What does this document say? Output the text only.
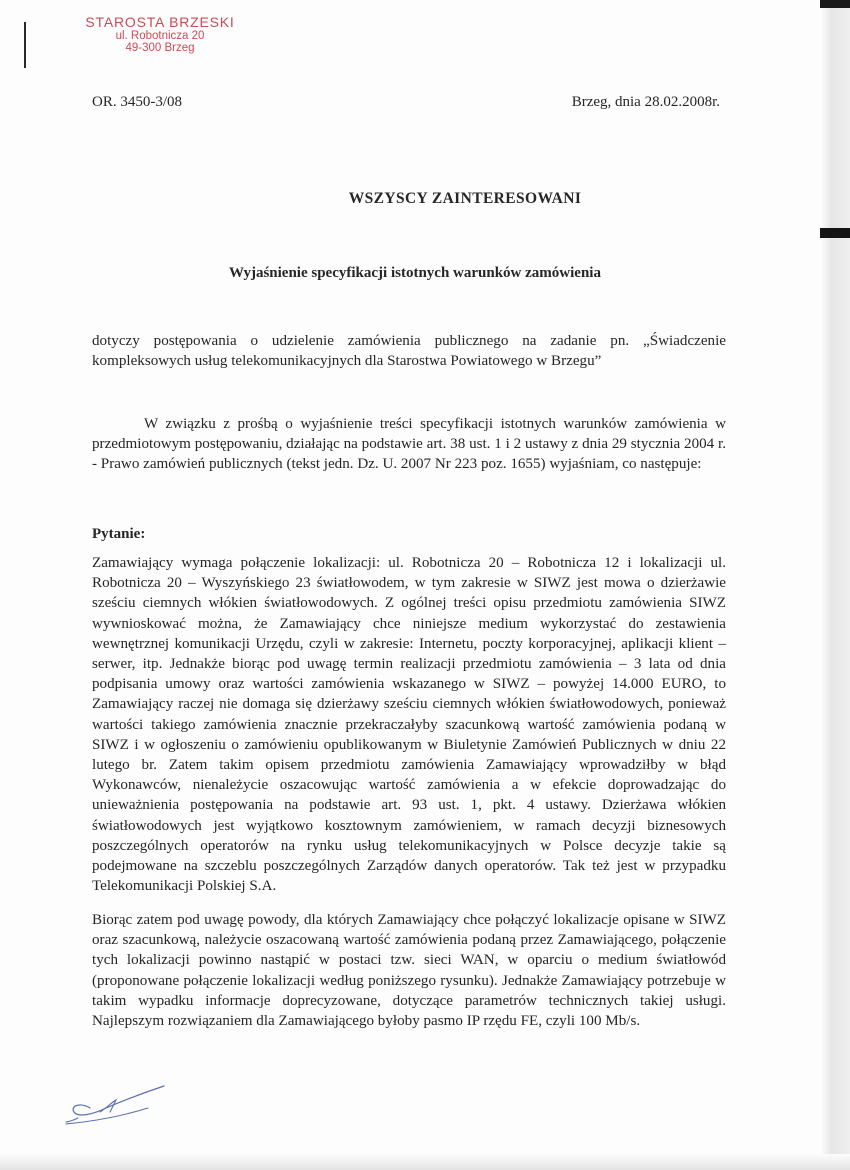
STAROSTA BRZESKI
ul. Robotnicza 20
49-300 Brzeg
OR. 3450-3/08	Brzeg, dnia 28.02.2008r.
WSZYSCY ZAINTERESOWANI
Wyjaśnienie specyfikacji istotnych warunków zamówienia
dotyczy postępowania o udzielenie zamówienia publicznego na zadanie pn. „Świadczenie kompleksowych usług telekomunikacyjnych dla Starostwa Powiatowego w Brzegu”
W związku z prośbą o wyjaśnienie treści specyfikacji istotnych warunków zamówienia w przedmiotowym postępowaniu, działając na podstawie art. 38 ust. 1 i 2 ustawy z dnia 29 stycznia 2004 r. - Prawo zamówień publicznych (tekst jedn. Dz. U. 2007 Nr 223 poz. 1655) wyjaśniam, co następuje:
Pytanie:
Zamawiający wymaga połączenie lokalizacji: ul. Robotnicza 20 – Robotnicza 12 i lokalizacji ul. Robotnicza 20 – Wyszyńskiego 23 światłowodem, w tym zakresie w SIWZ jest mowa o dzierżawie sześciu ciemnych włókien światłowodowych. Z ogólnej treści opisu przedmiotu zamówienia SIWZ wywnioskować można, że Zamawiający chce niniejsze medium wykorzystać do zestawienia wewnętrznej komunikacji Urzędu, czyli w zakresie: Internetu, poczty korporacyjnej, aplikacji klient – serwer, itp. Jednakże biorąc pod uwagę termin realizacji przedmiotu zamówienia – 3 lata od dnia podpisania umowy oraz wartości zamówienia wskazanego w SIWZ – powyżej 14.000 EURO, to Zamawiający raczej nie domaga się dzierżawy sześciu ciemnych włókien światłowodowych, ponieważ wartości takiego zamówienia znacznie przekraczałyby szacunkową wartość zamówienia podaną w SIWZ i w ogłoszeniu o zamówieniu opublikowanym w Biuletynie Zamówień Publicznych w dniu 22 lutego br. Zatem takim opisem przedmiotu zamówienia Zamawiający wprowadziłby w błąd Wykonawców, nienależycie oszacowując wartość zamówienia a w efekcie doprowadzając do unieważnienia postępowania na podstawie art. 93 ust. 1, pkt. 4 ustawy. Dzierżawa włókien światłowodowych jest wyjątkowo kosztownym zamówieniem, w ramach decyzji biznesowych poszczególnych operatorów na rynku usług telekomunikacyjnych w Polsce decyzje takie są podejmowane na szczeblu poszczególnych Zarządów danych operatorów. Tak też jest w przypadku Telekomunikacji Polskiej S.A.
Biorąc zatem pod uwagę powody, dla których Zamawiający chce połączyć lokalizacje opisane w SIWZ oraz szacunkową, należycie oszacowaną wartość zamówienia podaną przez Zamawiającego, połączenie tych lokalizacji powinno nastąpić w postaci tzw. sieci WAN, w oparciu o medium światłowód (proponowane połączenie lokalizacji według poniższego rysunku). Jednakże Zamawiający potrzebuje w takim wypadku informacje doprecyzowane, dotyczące parametrów technicznych takiej usługi. Najlepszym rozwiązaniem dla Zamawiającego byłoby pasmo IP rzędu FE, czyli 100 Mb/s.
